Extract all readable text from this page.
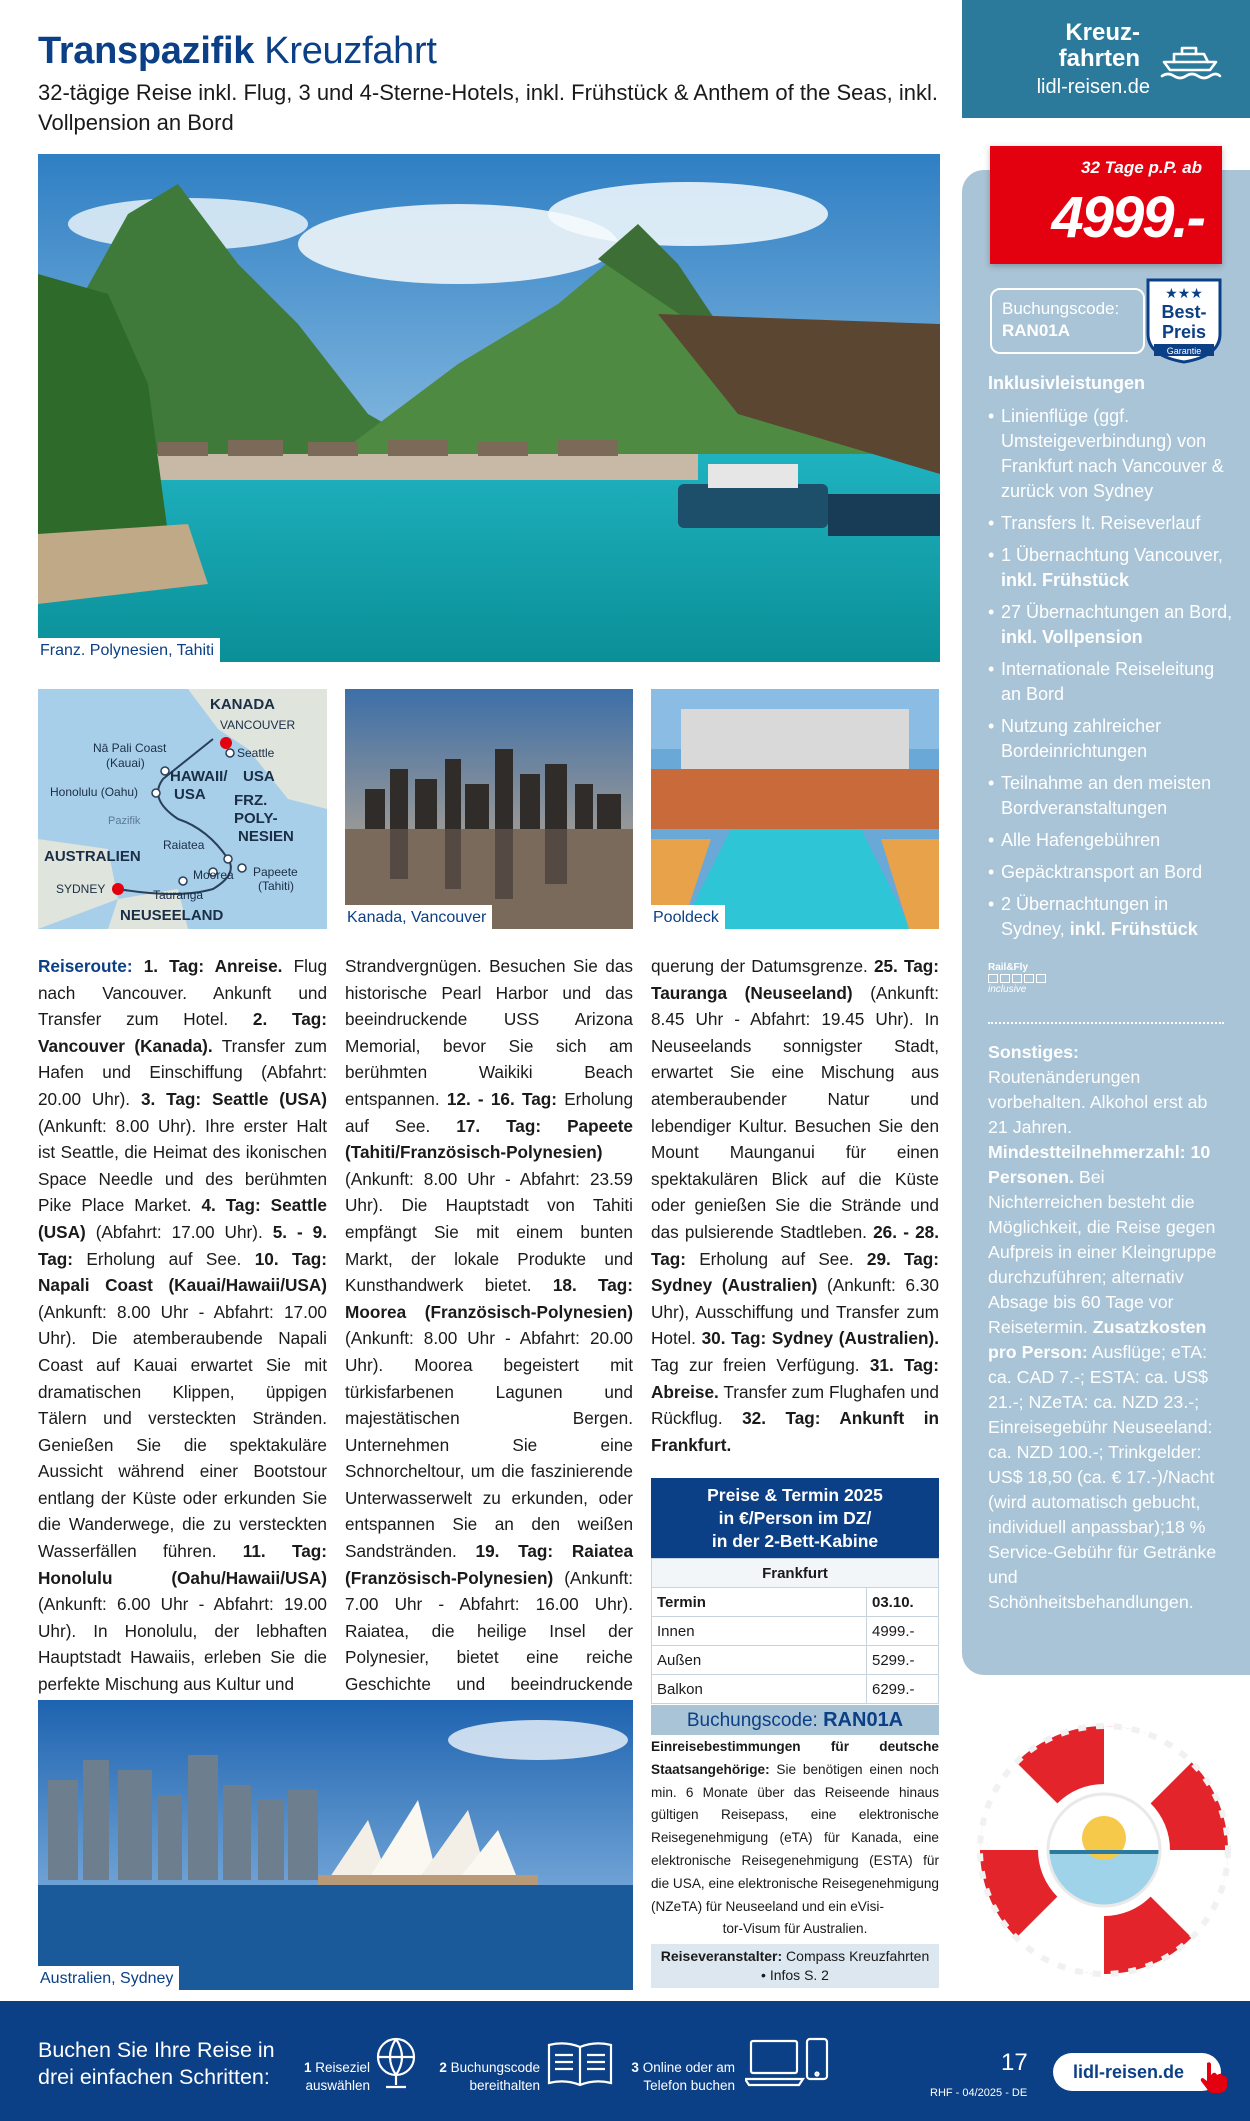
Transpazifik Kreuzfahrt
32-tägige Reise inkl. Flug, 3 und 4-Sterne-Hotels, inkl. Frühstück & Anthem of the Seas, inkl. Vollpension an Bord
Kreuz-
fahrten
lidl-reisen.de
Franz. Polynesien, Tahiti
KANADA
VANCOUVER
Nā Pali Coast
(Kauai)
Seattle
Honolulu (Oahu)
HAWAII/ USA
USA
Pazifik
FRZ.
POLY-
NESIEN
Raiatea
AUSTRALIEN
Moorea Papeete
(Tahiti)
SYDNEY	Tauranga
NEUSEELAND	Kanada, Vancouver	Pooldeck
Reiseroute: 1. Tag: Anreise. Flug nach Vancouver. Ankunft und Transfer zum Hotel. 2. Tag: Vancouver (Kanada). Transfer zum Hafen und Einschiffung (Abfahrt: 20.00 Uhr). 3. Tag: Seattle (USA) (Ankunft: 8.00 Uhr). Ihre erster Halt ist Seattle, die Heimat des ikonischen Space Needle und des berühmten Pike Place Market. 4. Tag: Seattle (USA) (Abfahrt: 17.00 Uhr). 5. - 9. Tag: Erholung auf See. 10. Tag: Napali Coast (Kauai/Hawaii/USA) (Ankunft: 8.00 Uhr - Abfahrt: 17.00 Uhr). Die atemberaubende Napali Coast auf Kauai erwartet Sie mit dramatischen Klippen, üppigen Tälern und versteckten Stränden. Genießen Sie die spektakuläre Aussicht während einer Bootstour entlang der Küste oder erkunden Sie die Wanderwege, die zu versteckten Wasserfällen führen. 11. Tag: Honolulu (Oahu/Hawaii/USA) (Ankunft: 6.00 Uhr - Abfahrt: 19.00 Uhr). In Honolulu, der lebhaften Hauptstadt Hawaiis, erleben Sie die perfekte Mischung aus Kultur und
Strandvergnügen. Besuchen Sie das historische Pearl Harbor und das beeindruckende USS Arizona Memorial, bevor Sie sich am berühmten Waikiki Beach entspannen. 12. - 16. Tag: Erholung auf See. 17. Tag: Papeete (Tahiti/Französisch-Polynesien) (Ankunft: 8.00 Uhr - Abfahrt: 23.59 Uhr). Die Hauptstadt von Tahiti empfängt Sie mit einem bunten Markt, der lokale Produkte und Kunsthandwerk bietet. 18. Tag: Moorea (Französisch-Polynesien) (Ankunft: 8.00 Uhr - Abfahrt: 20.00 Uhr). Moorea begeistert mit türkisfarbenen Lagunen und majestätischen Bergen. Unternehmen Sie eine Schnorcheltour, um die faszinierende Unterwasserwelt zu erkunden, oder entspannen Sie an den weißen Sandstränden. 19. Tag: Raiatea (Französisch-Polynesien) (Ankunft: 7.00 Uhr - Abfahrt: 16.00 Uhr). Raiatea, die heilige Insel der Polynesier, bietet eine reiche Geschichte und beeindruckende
querung der Datumsgrenze. 25. Tag: Tauranga (Neuseeland) (Ankunft: 8.45 Uhr - Abfahrt: 19.45 Uhr). In Neuseelands sonnigster Stadt, erwartet Sie eine Mischung aus atemberaubender Natur und lebendiger Kultur. Besuchen Sie den Mount Maunganui für einen spektakulären Blick auf die Küste oder genießen Sie die Strände und das pulsierende Stadtleben. 26. - 28. Tag: Erholung auf See. 29. Tag: Sydney (Australien) (Ankunft: 6.30 Uhr), Ausschiffung und Transfer zum Hotel. 30. Tag: Sydney (Australien). Tag zur freien Verfügung. 31. Tag: Abreise. Transfer zum Flughafen und Rückflug. 32. Tag: Ankunft in Frankfurt.
Australien, Sydney
Preise & Termin 2025
in €/Person im DZ/
in der 2-Bett-Kabine
Frankfurt	
Termin	03.10.
Innen	4999.-
Außen	5299.-
Balkon	6299.-
Buchungscode: RAN01A
Einreisebestimmungen für deutsche Staatsangehörige: Sie benötigen einen noch min. 6 Monate über das Reiseende hinaus gültigen Reisepass, eine elektronische Reisegenehmigung (eTA) für Kanada, eine elektronische Reisegenehmigung (ESTA) für die USA, eine elektronische Reisegenehmigung (NZeTA) für Neuseeland und ein eVisi-
tor-Visum für Australien.
Reiseveranstalter: Compass Kreuzfahrten
• Infos S. 2
32 Tage p.P. ab
4999.-
Buchungscode:
RAN01A
★★★
Best-
Preis
Garantie
Inklusivleistungen
• Linienflüge (ggf. Umsteigeverbindung) von Frankfurt nach Vancouver & zurück von Sydney
• Transfers lt. Reiseverlauf
• 1 Übernachtung Vancouver, inkl. Frühstück
• 27 Übernachtungen an Bord, inkl. Vollpension
• Internationale Reiseleitung an Bord
• Nutzung zahlreicher Bordeinrichtungen
• Teilnahme an den meisten Bordveranstaltungen
• Alle Hafengebühren
• Gepäcktransport an Bord
• 2 Übernachtungen in Sydney, inkl. Frühstück
Rail&Fly
inclusive
Sonstiges: Routenänderungen vorbehalten. Alkohol erst ab 21 Jahren. Mindestteilnehmerzahl: 10 Personen. Bei Nichterreichen besteht die Möglichkeit, die Reise gegen Aufpreis in einer Kleingruppe durchzuführen; alternativ Absage bis 60 Tage vor Reisetermin. Zusatzkosten pro Person: Ausflüge; eTA: ca. CAD 7.-; ESTA: ca. US$ 21.-; NZeTA: ca. NZD 23.-; Einreisegebühr Neuseeland: ca. NZD 100.-; Trinkgelder: US$ 18,50 (ca. € 17.-)/Nacht (wird automatisch gebucht, individuell anpassbar);18 % Service-Gebühr für Getränke und Schönheitsbehandlungen.
Buchen Sie Ihre Reise in
drei einfachen Schritten:	1 Reiseziel
auswählen
2 Buchungscode
bereithalten
3 Online oder am
Telefon buchen
17
RHF - 04/2025 - DE
lidl-reisen.de
